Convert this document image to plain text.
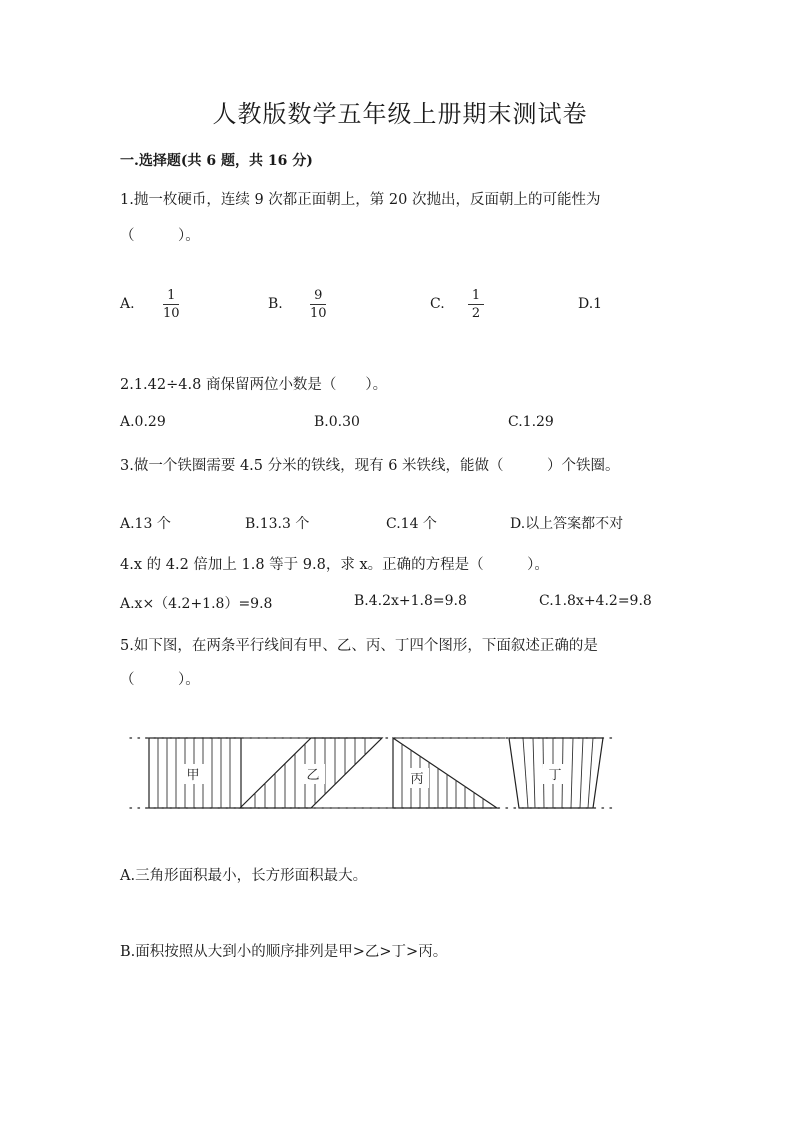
人教版数学五年级上册期末测试卷
一.选择题(共 6 题，共 16 分)
1.抛一枚硬币，连续 9 次都正面朝上，第 20 次抛出，反面朝上的可能性为
（　　　）。
A.
1
10
B.
9
10
C.
1
2
D.1
2.1.42÷4.8 商保留两位小数是（　　）。
A.0.29	B.0.30	C.1.29
3.做一个铁圈需要 4.5 分米的铁线，现有 6 米铁线，能做（　　　）个铁圈。
A.13 个	B.13.3 个	C.14 个	D.以上答案都不对
4.x 的 4.2 倍加上 1.8 等于 9.8，求 x。正确的方程是（　　　）。
A.x×（4.2+1.8）=9.8	B.4.2x+1.8=9.8	C.1.8x+4.2=9.8
5.如下图，在两条平行线间有甲、乙、丙、丁四个图形，下面叙述正确的是
（　　　）。
甲	乙	丙	丁
A.三角形面积最小，长方形面积最大。
B.面积按照从大到小的顺序排列是甲>乙>丁>丙。
